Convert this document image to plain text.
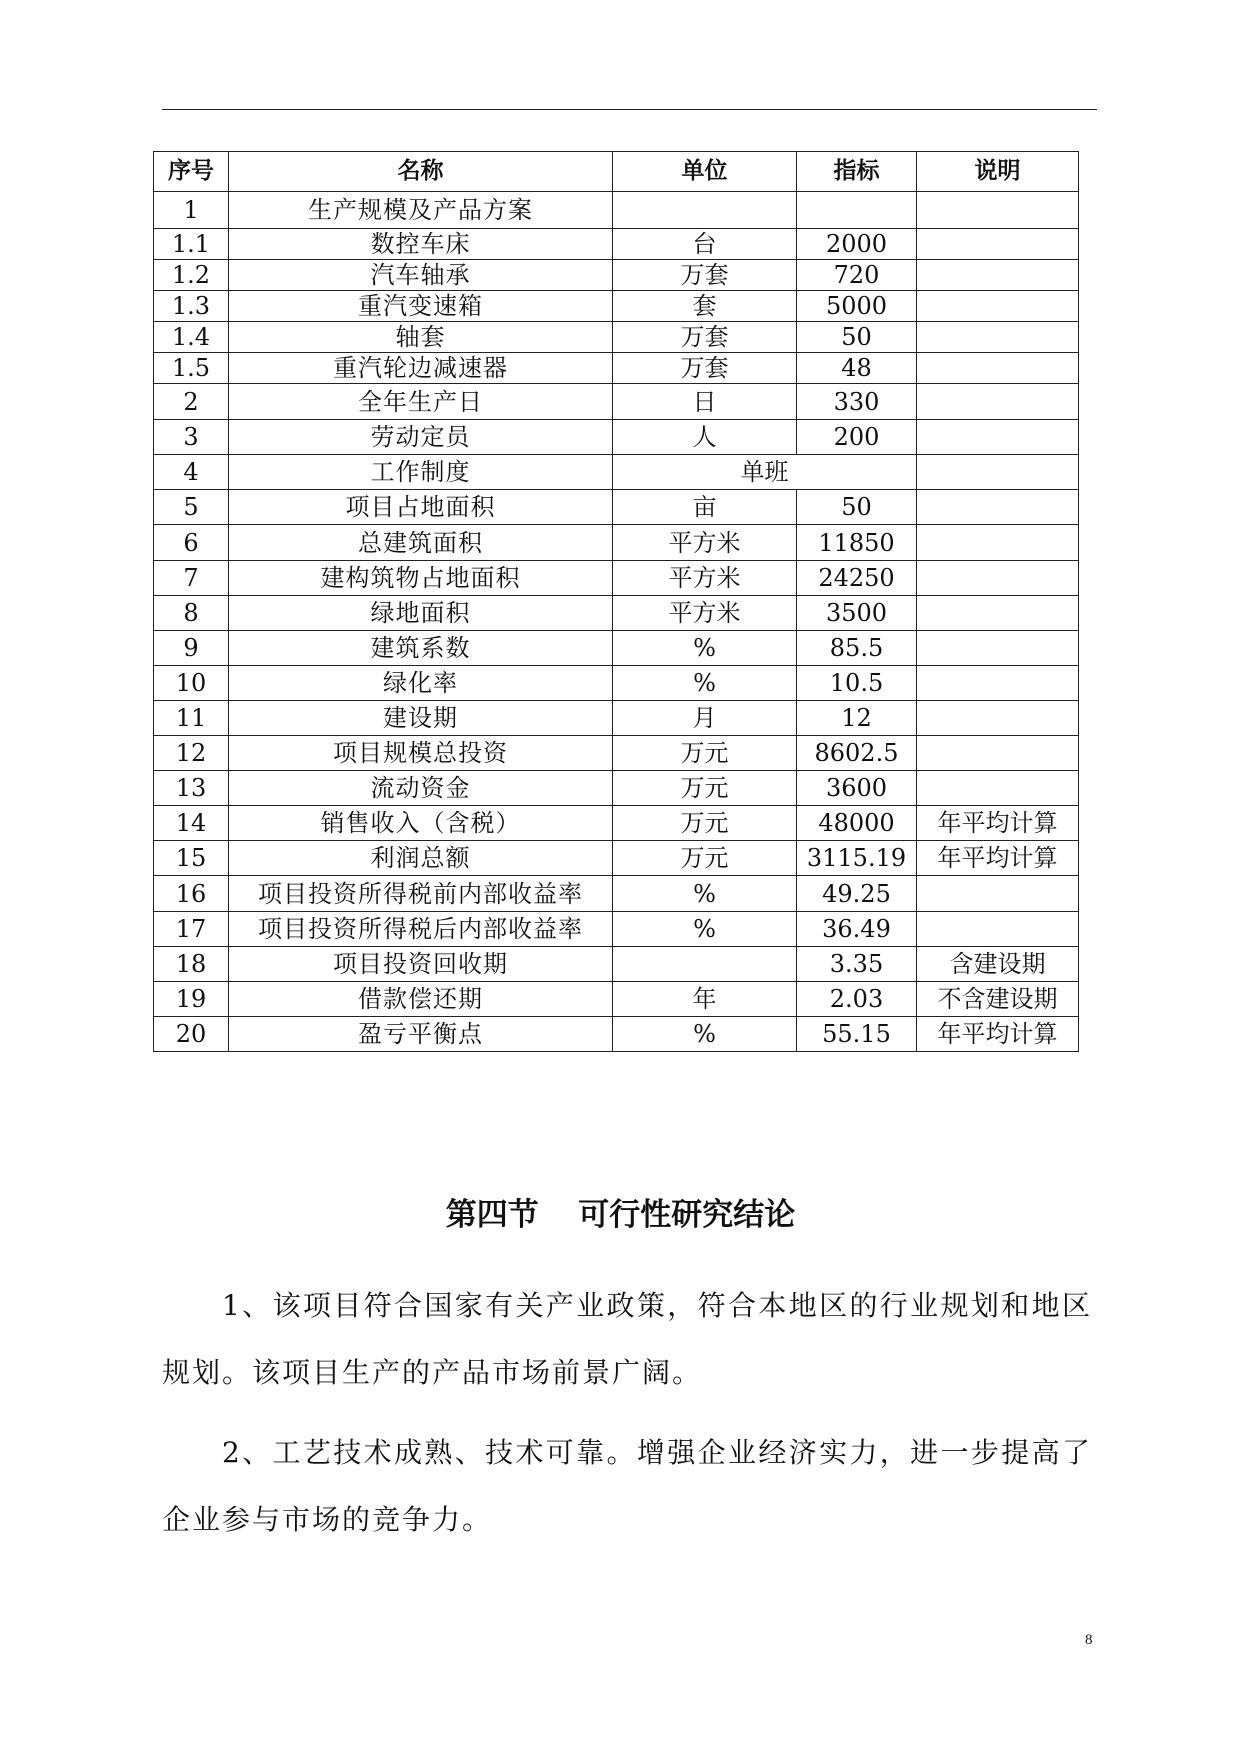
序号	名称	单位	指标	说明
1	生产规模及产品方案			
1.1	数控车床	台	2000	
1.2	汽车轴承	万套	720	
1.3	重汽变速箱	套	5000	
1.4	轴套	万套	50	
1.5	重汽轮边减速器	万套	48	
2	全年生产日	日	330	
3	劳动定员	人	200	
4	工作制度	单班		
5	项目占地面积	亩	50	
6	总建筑面积	平方米	11850	
7	建构筑物占地面积	平方米	24250	
8	绿地面积	平方米	3500	
9	建筑系数	%	85.5	
10	绿化率	%	10.5	
11	建设期	月	12	
12	项目规模总投资	万元	8602.5	
13	流动资金	万元	3600	
14	销售收入（含税）	万元	48000	年平均计算
15	利润总额	万元	3115.19	年平均计算
16	项目投资所得税前内部收益率	%	49.25	
17	项目投资所得税后内部收益率	%	36.49	
18	项目投资回收期		3.35	含建设期
19	借款偿还期	年	2.03	不含建设期
20	盈亏平衡点	%	55.15	年平均计算
第四节 可行性研究结论
1、该项目符合国家有关产业政策，符合本地区的行业规划和地区规划。该项目生产的产品市场前景广阔。
2、工艺技术成熟、技术可靠。增强企业经济实力，进一步提高了企业参与市场的竞争力。
8
